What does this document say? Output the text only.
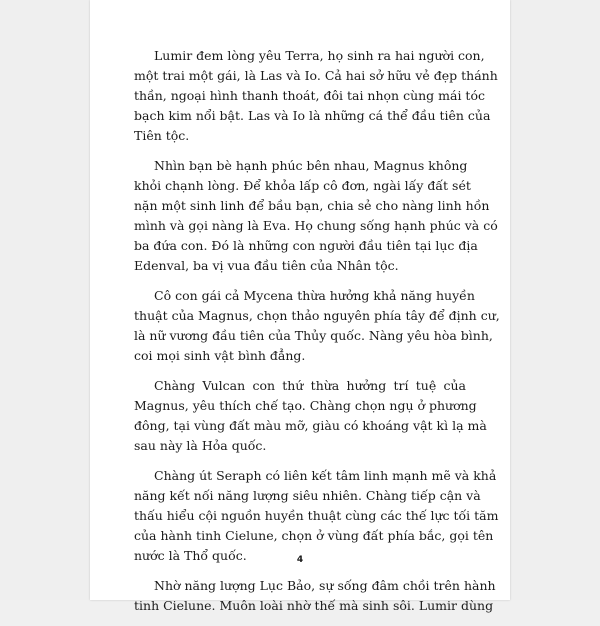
Lumir đem lòng yêu Terra, họ sinh ra hai người con,
một trai một gái, là Las và Io. Cả hai sở hữu vẻ đẹp thánh
thần, ngoại hình thanh thoát, đôi tai nhọn cùng mái tóc
bạch kim nổi bật. Las và Io là những cá thể đầu tiên của
Tiên tộc.
Nhìn bạn bè hạnh phúc bên nhau, Magnus không
khỏi chạnh lòng. Để khỏa lấp cô đơn, ngài lấy đất sét
nặn một sinh linh để bầu bạn, chia sẻ cho nàng linh hồn
mình và gọi nàng là Eva. Họ chung sống hạnh phúc và có
ba đứa con. Đó là những con người đầu tiên tại lục địa
Edenval, ba vị vua đầu tiên của Nhân tộc.
Cô con gái cả Mycena thừa hưởng khả năng huyền
thuật của Magnus, chọn thảo nguyên phía tây để định cư,
là nữ vương đầu tiên của Thủy quốc. Nàng yêu hòa bình,
coi mọi sinh vật bình đẳng.
Chàng Vulcan con thứ thừa hưởng trí tuệ của
Magnus, yêu thích chế tạo. Chàng chọn ngụ ở phương
đông, tại vùng đất màu mỡ, giàu có khoáng vật kì lạ mà
sau này là Hỏa quốc.
Chàng út Seraph có liên kết tâm linh mạnh mẽ và khả
năng kết nối năng lượng siêu nhiên. Chàng tiếp cận và
thấu hiểu cội nguồn huyền thuật cùng các thế lực tối tăm
của hành tinh Cielune, chọn ở vùng đất phía bắc, gọi tên
nước là Thổ quốc.
Nhờ năng lượng Lục Bảo, sự sống đâm chồi trên hành
tinh Cielune. Muôn loài nhờ thế mà sinh sôi. Lumir dùng
4
